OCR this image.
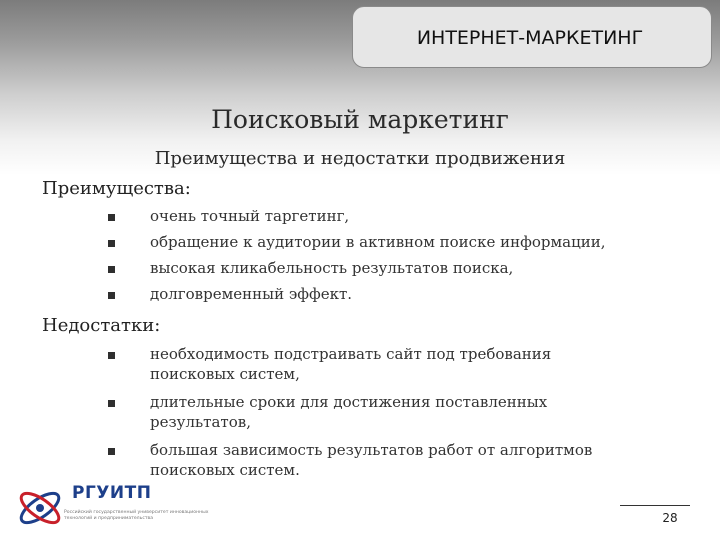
ИНТЕРНЕТ-МАРКЕТИНГ
Поисковый маркетинг
Преимущества и недостатки продвижения
Преимущества:
очень точный таргетинг,
обращение к аудитории в активном поиске информации,
высокая кликабельность результатов поиска,
долговременный эффект.
Недостатки:
необходимость подстраивать сайт под требования поисковых систем,
длительные сроки для достижения поставленных результатов,
большая зависимость результатов работ от алгоритмов поисковых систем.
РГУИТП
Российский государственный университет инновационных технологий и предпринимательства	28
